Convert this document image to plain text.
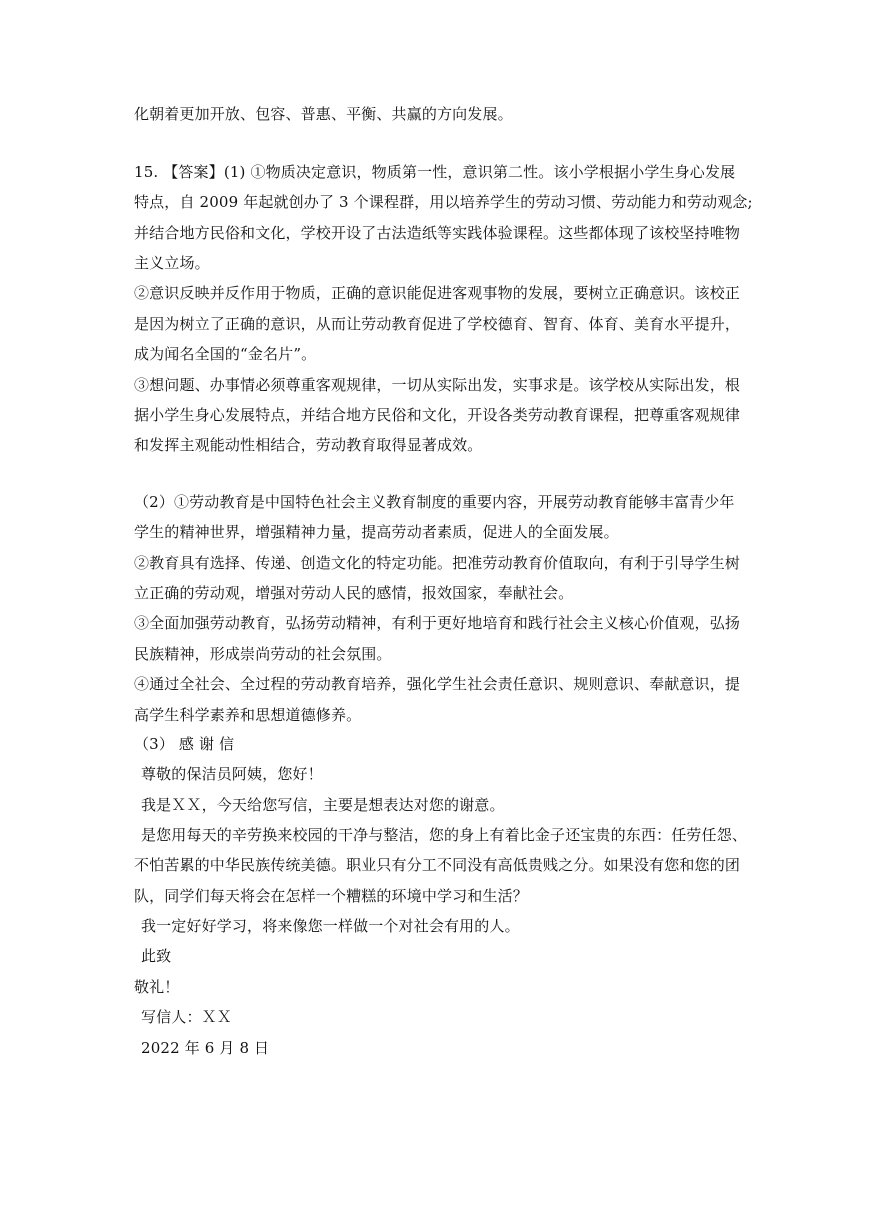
化朝着更加开放、包容、普惠、平衡、共赢的方向发展。
15. 【答案】(1) ①物质决定意识，物质第一性，意识第二性。该小学根据小学生身心发展
特点，自 2009 年起就创办了 3 个课程群，用以培养学生的劳动习惯、劳动能力和劳动观念;
并结合地方民俗和文化，学校开设了古法造纸等实践体验课程。这些都体现了该校坚持唯物
主义立场。
②意识反映并反作用于物质，正确的意识能促进客观事物的发展，要树立正确意识。该校正
是因为树立了正确的意识，从而让劳动教育促进了学校德育、智育、体育、美育水平提升，
成为闻名全国的“金名片”。
③想问题、办事情必须尊重客观规律，一切从实际出发，实事求是。该学校从实际出发，根
据小学生身心发展特点，并结合地方民俗和文化，开设各类劳动教育课程，把尊重客观规律
和发挥主观能动性相结合，劳动教育取得显著成效。
（2）①劳动教育是中国特色社会主义教育制度的重要内容，开展劳动教育能够丰富青少年
学生的精神世界，增强精神力量，提高劳动者素质，促进人的全面发展。
②教育具有选择、传递、创造文化的特定功能。把准劳动教育价值取向，有利于引导学生树
立正确的劳动观，增强对劳动人民的感情，报效国家，奉献社会。
③全面加强劳动教育，弘扬劳动精神，有利于更好地培育和践行社会主义核心价值观，弘扬
民族精神，形成崇尚劳动的社会氛围。
④通过全社会、全过程的劳动教育培养，强化学生社会责任意识、规则意识、奉献意识，提
高学生科学素养和思想道德修养。
（3） 感 谢 信
尊敬的保洁员阿姨，您好！
我是ＸＸ，今天给您写信，主要是想表达对您的谢意。
是您用每天的辛劳换来校园的干净与整洁，您的身上有着比金子还宝贵的东西：任劳任怨、
不怕苦累的中华民族传统美德。职业只有分工不同没有高低贵贱之分。如果没有您和您的团
队，同学们每天将会在怎样一个糟糕的环境中学习和生活？
我一定好好学习，将来像您一样做一个对社会有用的人。
此致
敬礼！
写信人：ＸＸ
2022 年 6 月 8 日
